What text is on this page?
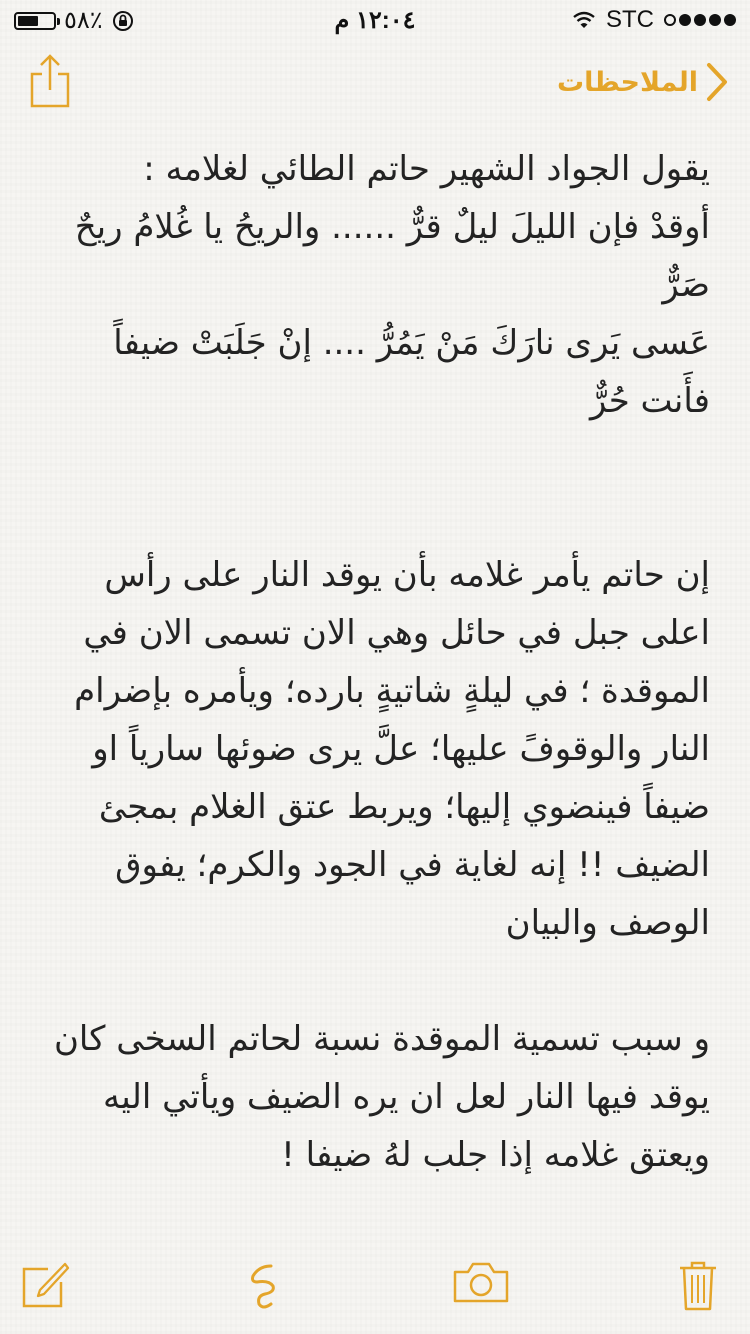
٥٨٪	١٢:٠٤ م	STC
الملاحظات

يقول الجواد الشهير حاتم الطائي لغلامه :

أوقدْ فإن الليلَ ليلٌ قرٌّ ...... والريحُ يا غُلامُ ريحٌ صَرٌّ

عَسى يَرى نارَكَ مَنْ يَمُرُّ .... إنْ جَلَبَتْ ضيفاً فأَنت حُرٌّ

إن حاتم يأمر غلامه بأن يوقد النار على رأس اعلى جبل في حائل وهي الان تسمى الان في الموقدة ؛ في ليلةٍ شاتيةٍ بارده؛ ويأمره بإضرام النار والوقوفً عليها؛ علَّ يرى ضوئها سارياً او ضيفاً فينضوي إليها؛ ويربط عتق الغلام بمجئ الضيف !! إنه لغاية في الجود والكرم؛ يفوق الوصف والبيان

و سبب تسمية الموقدة نسبة لحاتم السخى كان يوقد فيها النار لعل ان يره الضيف ويأتي اليه ويعتق غلامه إذا جلب لهُ ضيفا !
